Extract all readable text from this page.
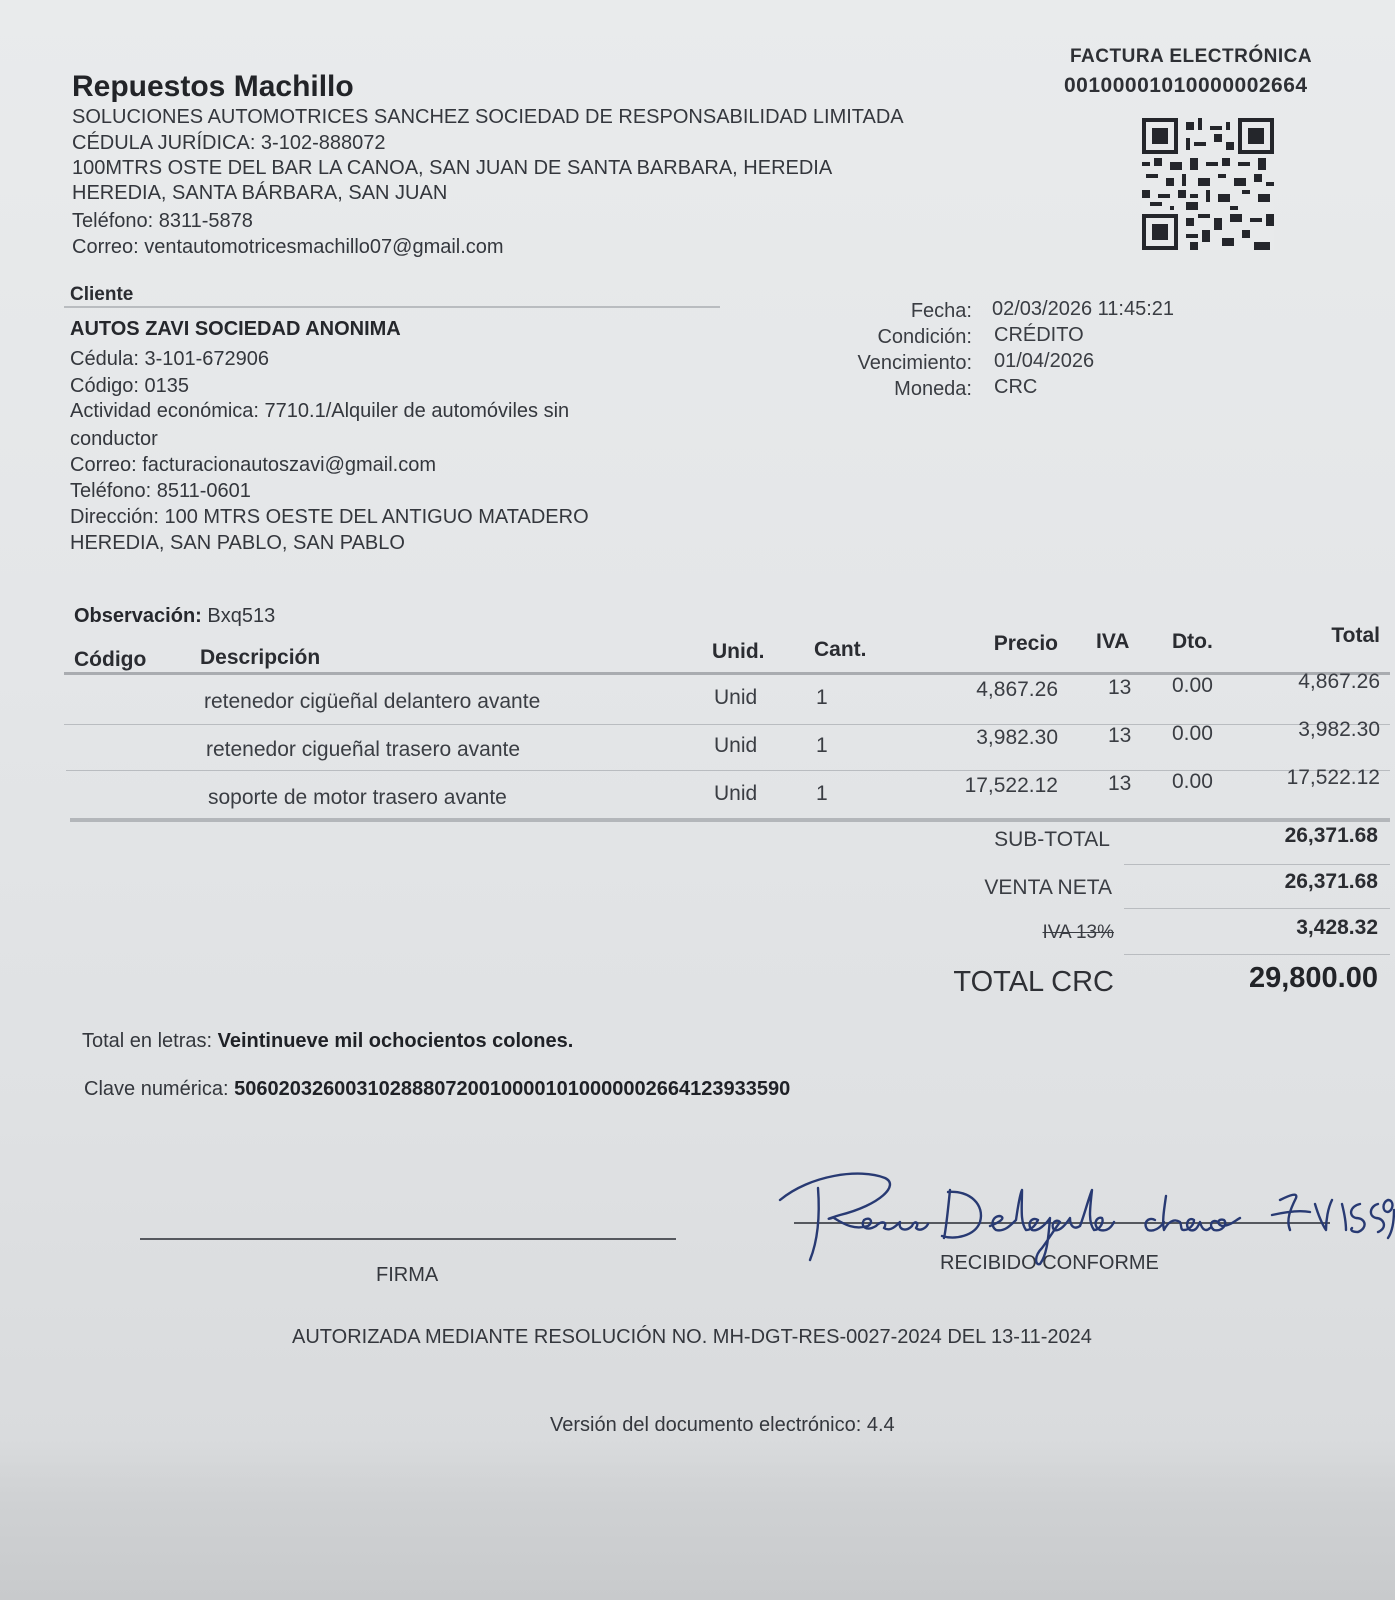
Repuestos Machillo
SOLUCIONES AUTOMOTRICES SANCHEZ SOCIEDAD DE RESPONSABILIDAD LIMITADA
CÉDULA JURÍDICA: 3-102-888072
100MTRS OSTE DEL BAR LA CANOA, SAN JUAN DE SANTA BARBARA, HEREDIA
HEREDIA, SANTA BÁRBARA, SAN JUAN
Teléfono: 8311-5878
Correo: ventautomotricesmachillo07@gmail.com
FACTURA ELECTRÓNICA
00100001010000002664
Cliente
AUTOS ZAVI SOCIEDAD ANONIMA
Cédula: 3-101-672906
Código: 0135
Actividad económica: 7710.1/Alquiler de automóviles sin
conductor
Correo: facturacionautoszavi@gmail.com
Teléfono: 8511-0601
Dirección: 100 MTRS OESTE DEL ANTIGUO MATADERO
HEREDIA, SAN PABLO, SAN PABLO
Fecha: 02/03/2026 11:45:21
Condición: CRÉDITO
Vencimiento: 01/04/2026
Moneda: CRC
Observación: Bxq513
Código	Descripción	Unid. Cant.	Precio IVA Dto.	Total
retenedor cigüeñal delantero avante	Unid	1	4,867.26 13 0.00	4,867.26
retenedor cigueñal trasero avante	Unid	1	3,982.30 13 0.00	3,982.30
soporte de motor trasero avante	Unid	1	17,522.12 13 0.00	17,522.12
SUB-TOTAL	26,371.68
VENTA NETA	26,371.68
IVA 13%	3,428.32
TOTAL CRC	29,800.00
Total en letras: Veintinueve mil ochocientos colones.
Clave numérica: 50602032600310288807200100001010000002664123933590
FIRMA
RECIBIDO CONFORME
AUTORIZADA MEDIANTE RESOLUCIÓN NO. MH-DGT-RES-0027-2024 DEL 13-11-2024
Versión del documento electrónico: 4.4
